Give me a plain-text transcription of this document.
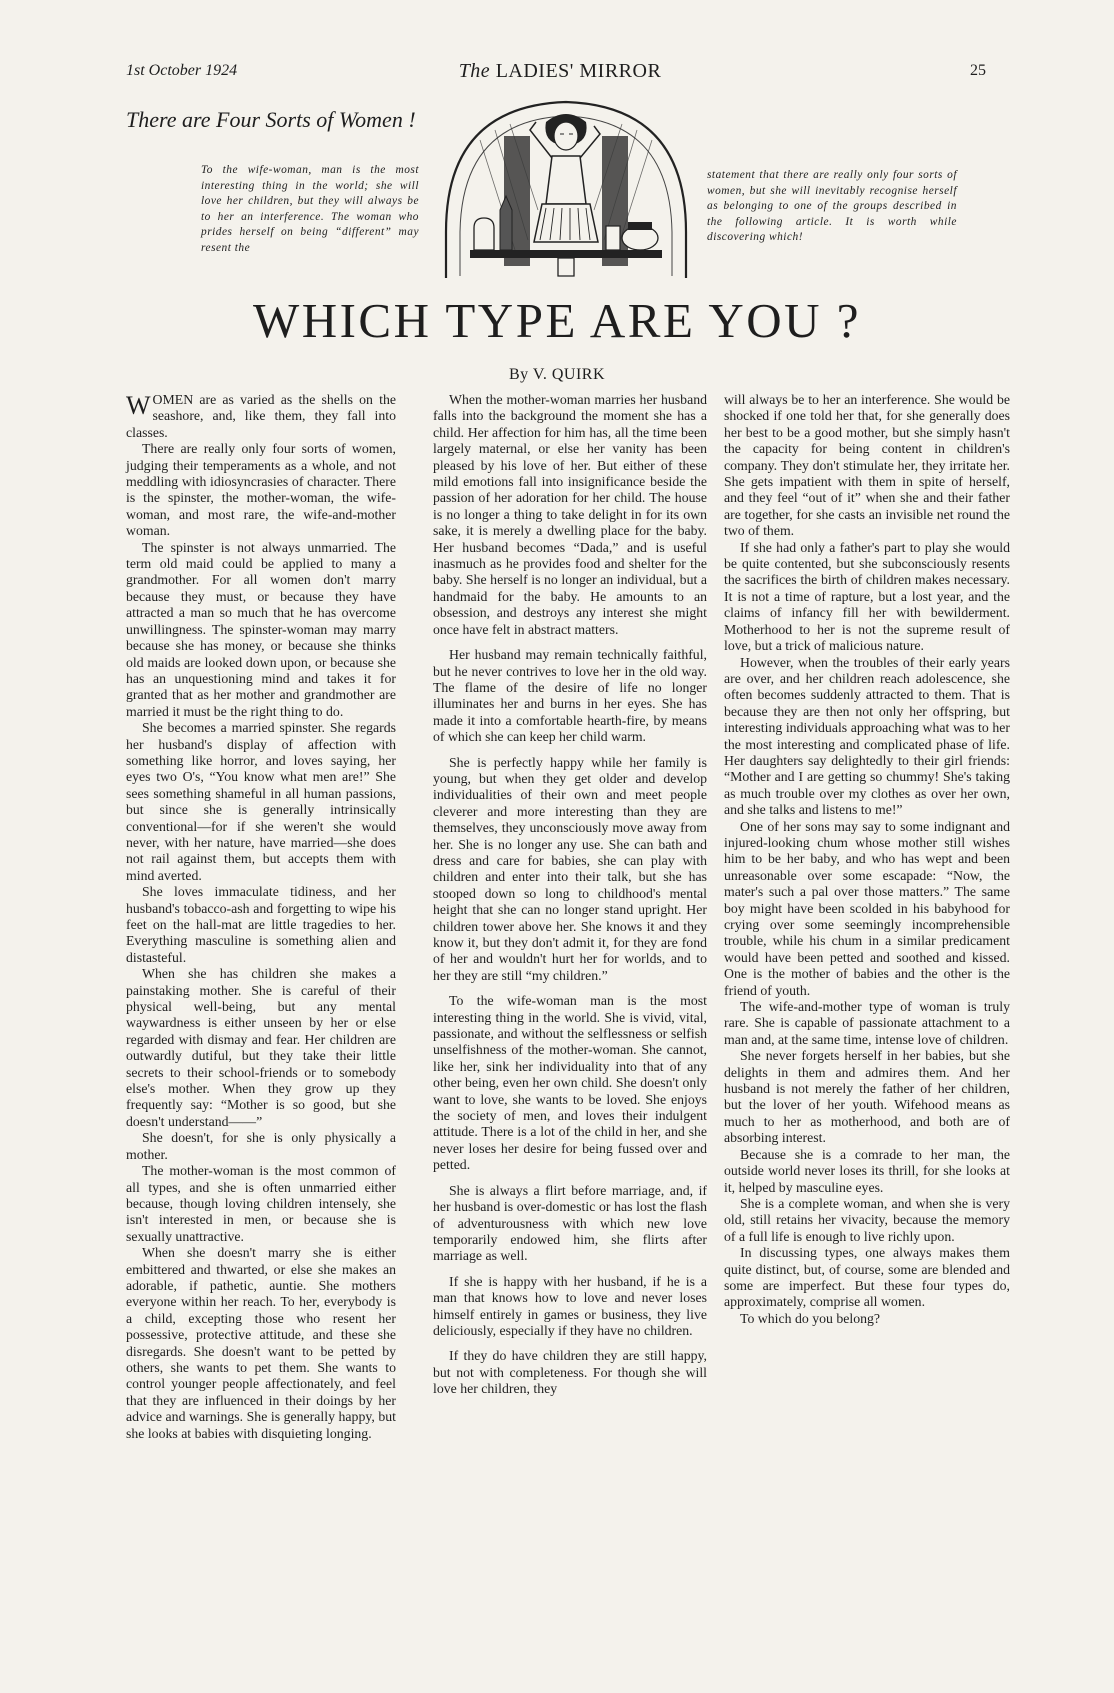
1st October 1924	The LADIES' MIRROR	25
There are Four Sorts of Women !
To the wife-woman, man is the most interesting thing in the world; she will love her children, but they will always be to her an interference. The woman who prides herself on being “different” may resent the
statement that there are really only four sorts of women, but she will inevitably recognise herself as belonging to one of the groups described in the following article. It is worth while discovering which!
WHICH TYPE ARE YOU ?
By V. QUIRK

WOMEN are as varied as the shells on the seashore, and, like them, they fall into classes.

There are really only four sorts of women, judging their temperaments as a whole, and not meddling with idiosyncrasies of character. There is the spinster, the mother-woman, the wife-woman, and most rare, the wife-and-mother woman.

The spinster is not always unmarried. The term old maid could be applied to many a grandmother. For all women don't marry because they must, or because they have attracted a man so much that he has overcome unwillingness. The spinster-woman may marry because she has money, or because she thinks old maids are looked down upon, or because she has an unquestioning mind and takes it for granted that as her mother and grandmother are married it must be the right thing to do.

She becomes a married spinster. She regards her husband's display of affection with something like horror, and loves saying, her eyes two O's, “You know what men are!” She sees something shameful in all human passions, but since she is generally intrinsically conventional—for if she weren't she would never, with her nature, have married—she does not rail against them, but accepts them with mind averted.

She loves immaculate tidiness, and her husband's tobacco-ash and forgetting to wipe his feet on the hall-mat are little tragedies to her. Everything masculine is something alien and distasteful.

When she has children she makes a painstaking mother. She is careful of their physical well-being, but any mental waywardness is either unseen by her or else regarded with dismay and fear. Her children are outwardly dutiful, but they take their little secrets to their school-friends or to somebody else's mother. When they grow up they frequently say: “Mother is so good, but she doesn't understand——”

She doesn't, for she is only physically a mother.

The mother-woman is the most common of all types, and she is often unmarried either because, though loving children intensely, she isn't interested in men, or because she is sexually unattractive.

When she doesn't marry she is either embittered and thwarted, or else she makes an adorable, if pathetic, auntie. She mothers everyone within her reach. To her, everybody is a child, excepting those who resent her possessive, protective attitude, and these she disregards. She doesn't want to be petted by others, she wants to pet them. She wants to control younger people affectionately, and feel that they are influenced in their doings by her advice and warnings. She is generally happy, but she looks at babies with disquieting longing.

When the mother-woman marries her husband falls into the background the moment she has a child. Her affection for him has, all the time been largely maternal, or else her vanity has been pleased by his love of her. But either of these mild emotions fall into insignificance beside the passion of her adoration for her child. The house is no longer a thing to take delight in for its own sake, it is merely a dwelling place for the baby. Her husband becomes “Dada,” and is useful inasmuch as he provides food and shelter for the baby. She herself is no longer an individual, but a handmaid for the baby. He amounts to an obsession, and destroys any interest she might once have felt in abstract matters.

Her husband may remain technically faithful, but he never contrives to love her in the old way. The flame of the desire of life no longer illuminates her and burns in her eyes. She has made it into a comfortable hearth-fire, by means of which she can keep her child warm.

She is perfectly happy while her family is young, but when they get older and develop individualities of their own and meet people cleverer and more interesting than they are themselves, they unconsciously move away from her. She is no longer any use. She can bath and dress and care for babies, she can play with children and enter into their talk, but she has stooped down so long to childhood's mental height that she can no longer stand upright. Her children tower above her. She knows it and they know it, but they don't admit it, for they are fond of her and wouldn't hurt her for worlds, and to her they are still “my children.”

To the wife-woman man is the most interesting thing in the world. She is vivid, vital, passionate, and without the selflessness or selfish unselfishness of the mother-woman. She cannot, like her, sink her individuality into that of any other being, even her own child. She doesn't only want to love, she wants to be loved. She enjoys the society of men, and loves their indulgent attitude. There is a lot of the child in her, and she never loses her desire for being fussed over and petted.

She is always a flirt before marriage, and, if her husband is over-domestic or has lost the flash of adventurousness with which new love temporarily endowed him, she flirts after marriage as well.

If she is happy with her husband, if he is a man that knows how to love and never loses himself entirely in games or business, they live deliciously, especially if they have no children.

If they do have children they are still happy, but not with completeness. For though she will love her children, they

will always be to her an interference. She would be shocked if one told her that, for she generally does her best to be a good mother, but she simply hasn't the capacity for being content in children's company. They don't stimulate her, they irritate her. She gets impatient with them in spite of herself, and they feel “out of it” when she and their father are together, for she casts an invisible net round the two of them.

If she had only a father's part to play she would be quite contented, but she subconsciously resents the sacrifices the birth of children makes necessary. It is not a time of rapture, but a lost year, and the claims of infancy fill her with bewilderment. Motherhood to her is not the supreme result of love, but a trick of malicious nature.

However, when the troubles of their early years are over, and her children reach adolescence, she often becomes suddenly attracted to them. That is because they are then not only her offspring, but interesting individuals approaching what was to her the most interesting and complicated phase of life. Her daughters say delightedly to their girl friends: “Mother and I are getting so chummy! She's taking as much trouble over my clothes as over her own, and she talks and listens to me!”

One of her sons may say to some indignant and injured-looking chum whose mother still wishes him to be her baby, and who has wept and been unreasonable over some escapade: “Now, the mater's such a pal over those matters.” The same boy might have been scolded in his babyhood for crying over some seemingly incomprehensible trouble, while his chum in a similar predicament would have been petted and soothed and kissed. One is the mother of babies and the other is the friend of youth.

The wife-and-mother type of woman is truly rare. She is capable of passionate attachment to a man and, at the same time, intense love of children.

She never forgets herself in her babies, but she delights in them and admires them. And her husband is not merely the father of her children, but the lover of her youth. Wifehood means as much to her as motherhood, and both are of absorbing interest.

Because she is a comrade to her man, the outside world never loses its thrill, for she looks at it, helped by masculine eyes.

She is a complete woman, and when she is very old, still retains her vivacity, because the memory of a full life is enough to live richly upon.

In discussing types, one always makes them quite distinct, but, of course, some are blended and some are imperfect. But these four types do, approximately, comprise all women.

To which do you belong?
